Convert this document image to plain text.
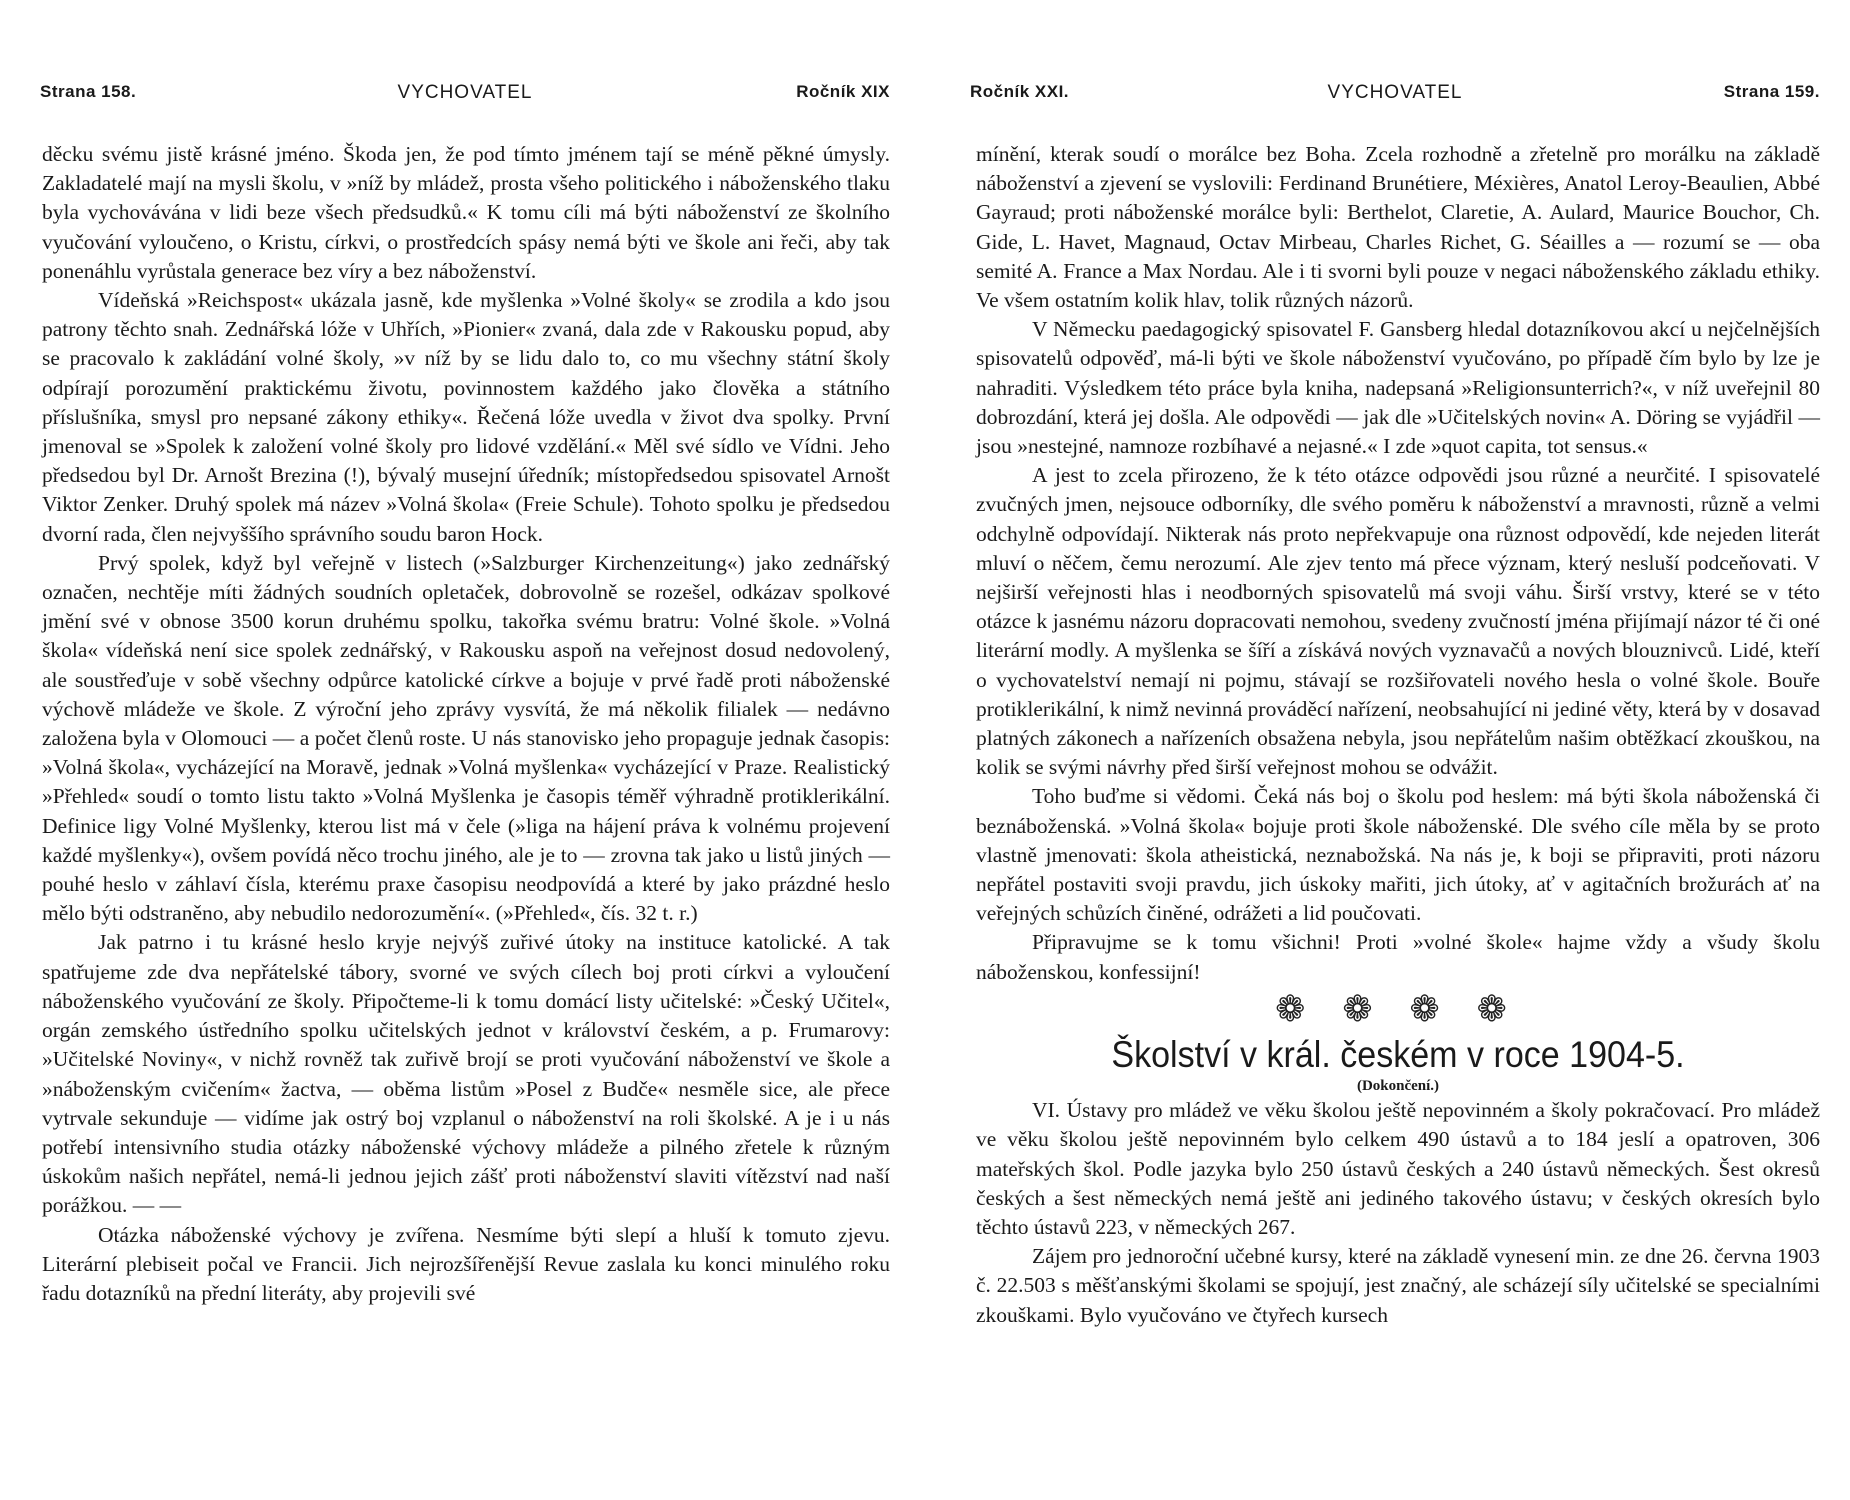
Strana 158.	VYCHOVATEL	Ročník XIX

děcku svému jistě krásné jméno. Škoda jen, že pod tímto jménem tají se méně pěkné úmysly. Zakladatelé mají na mysli školu, v »níž by mládež, prosta všeho politického i náboženského tlaku byla vychovávána v lidi beze všech předsudků.« K tomu cíli má býti náboženství ze školního vyučování vyloučeno, o Kristu, církvi, o prostředcích spásy nemá býti ve škole ani řeči, aby tak ponenáhlu vyrůstala generace bez víry a bez náboženství.

Vídeňská »Reichspost« ukázala jasně, kde myšlenka »Volné školy« se zrodila a kdo jsou patrony těchto snah. Zednářská lóže v Uhřích, »Pionier« zvaná, dala zde v Rakousku popud, aby se pracovalo k zakládání volné školy, »v níž by se lidu dalo to, co mu všechny státní školy odpírají porozumění praktickému životu, povinnostem každého jako člověka a státního příslušníka, smysl pro nepsané zákony ethiky«. Řečená lóže uvedla v život dva spolky. První jmenoval se »Spolek k založení volné školy pro lidové vzdělání.« Měl své sídlo ve Vídni. Jeho předsedou byl Dr. Arnošt Brezina (!), bývalý musejní úředník; místopředsedou spisovatel Arnošt Viktor Zenker. Druhý spolek má název »Volná škola« (Freie Schule). Tohoto spolku je předsedou dvorní rada, člen nejvyššího správního soudu baron Hock.

Prvý spolek, když byl veřejně v listech (»Salzburger Kirchenzeitung«) jako zednářský označen, nechtěje míti žádných soudních opletaček, dobrovolně se rozešel, odkázav spolkové jmění své v obnose 3500 korun druhému spolku, takořka svému bratru: Volné škole. »Volná škola« vídeňská není sice spolek zednářský, v Rakousku aspoň na veřejnost dosud nedovolený, ale soustřeďuje v sobě všechny odpůrce katolické církve a bojuje v prvé řadě proti náboženské výchově mládeže ve škole. Z výroční jeho zprávy vysvítá, že má několik filialek — nedávno založena byla v Olomouci — a počet členů roste. U nás stanovisko jeho propaguje jednak časopis: »Volná škola«, vycházející na Moravě, jednak »Volná myšlenka« vycházející v Praze. Realistický »Přehled« soudí o tomto listu takto »Volná Myšlenka je časopis téměř výhradně protiklerikální. Definice ligy Volné Myšlenky, kterou list má v čele (»liga na hájení práva k volnému projevení každé myšlenky«), ovšem povídá něco trochu jiného, ale je to — zrovna tak jako u listů jiných — pouhé heslo v záhlaví čísla, kterému praxe časopisu neodpovídá a které by jako prázdné heslo mělo býti odstraněno, aby nebudilo nedorozumění«. (»Přehled«, čís. 32 t. r.)

Jak patrno i tu krásné heslo kryje nejvýš zuřivé útoky na instituce katolické. A tak spatřujeme zde dva nepřátelské tábory, svorné ve svých cílech boj proti církvi a vyloučení náboženského vyučování ze školy. Připočteme-li k tomu domácí listy učitelské: »Český Učitel«, orgán zemského ústředního spolku učitelských jednot v království českém, a p. Frumarovy: »Učitelské Noviny«, v nichž rovněž tak zuřivě brojí se proti vyučování náboženství ve škole a »náboženským cvičením« žactva, — oběma listům »Posel z Budče« nesměle sice, ale přece vytrvale sekunduje — vidíme jak ostrý boj vzplanul o náboženství na roli školské. A je i u nás potřebí intensivního studia otázky náboženské výchovy mládeže a pilného zřetele k různým úskokům našich nepřátel, nemá-li jednou jejich zášť proti náboženství slaviti vítězství nad naší porážkou. — —

Otázka náboženské výchovy je zvířena. Nesmíme býti slepí a hluší k tomuto zjevu. Literární plebiseit počal ve Francii. Jich nejrozšířenější Revue zaslala ku konci minulého roku řadu dotazníků na přední literáty, aby projevili své

Ročník XXI.	VYCHOVATEL	Strana 159.

mínění, kterak soudí o morálce bez Boha. Zcela rozhodně a zřetelně pro morálku na základě náboženství a zjevení se vyslovili: Ferdinand Brunétiere, Méxières, Anatol Leroy-Beaulien, Abbé Gayraud; proti náboženské morálce byli: Berthelot, Claretie, A. Aulard, Maurice Bouchor, Ch. Gide, L. Havet, Magnaud, Octav Mirbeau, Charles Richet, G. Séailles a — rozumí se — oba semité A. France a Max Nordau. Ale i ti svorni byli pouze v negaci náboženského základu ethiky. Ve všem ostatním kolik hlav, tolik různých názorů.

V Německu paedagogický spisovatel F. Gansberg hledal dotazníkovou akcí u nejčelnějších spisovatelů odpověď, má-li býti ve škole náboženství vyučováno, po případě čím bylo by lze je nahraditi. Výsledkem této práce byla kniha, nadepsaná »Religionsunterrich?«, v níž uveřejnil 80 dobrozdání, která jej došla. Ale odpovědi — jak dle »Učitelských novin« A. Döring se vyjádřil — jsou »nestejné, namnoze rozbíhavé a nejasné.« I zde »quot capita, tot sensus.«

A jest to zcela přirozeno, že k této otázce odpovědi jsou různé a neurčité. I spisovatelé zvučných jmen, nejsouce odborníky, dle svého poměru k náboženství a mravnosti, různě a velmi odchylně odpovídají. Nikterak nás proto nepřekvapuje ona různost odpovědí, kde nejeden literát mluví o něčem, čemu nerozumí. Ale zjev tento má přece význam, který nesluší podceňovati. V nejširší veřejnosti hlas i neodborných spisovatelů má svoji váhu. Širší vrstvy, které se v této otázce k jasnému názoru dopracovati nemohou, svedeny zvučností jména přijímají názor té či oné literární modly. A myšlenka se šíří a získává nových vyznavačů a nových blouznivců. Lidé, kteří o vychovatelství nemají ni pojmu, stávají se rozšiřovateli nového hesla o volné škole. Bouře protiklerikální, k nimž nevinná prováděcí nařízení, neobsahující ni jediné věty, která by v dosavad platných zákonech a nařízeních obsažena nebyla, jsou nepřátelům našim obtěžkací zkouškou, na kolik se svými návrhy před širší veřejnost mohou se odvážit.

Toho buďme si vědomi. Čeká nás boj o školu pod heslem: má býti škola náboženská či beznáboženská. »Volná škola« bojuje proti škole náboženské. Dle svého cíle měla by se proto vlastně jmenovati: škola atheistická, neznabožská. Na nás je, k boji se připraviti, proti názoru nepřátel postaviti svoji pravdu, jich úskoky mařiti, jich útoky, ať v agitačních brožurách ať na veřejných schůzích činěné, odrážeti a lid poučovati.

Připravujme se k tomu všichni! Proti »volné škole« hajme vždy a všudy školu náboženskou, konfessijní!

❁ ❁ ❁ ❁
Školství v král. českém v roce 1904-5.
(Dokončení.)

VI. Ústavy pro mládež ve věku školou ještě nepovinném a školy pokračovací. Pro mládež ve věku školou ještě nepovinném bylo celkem 490 ústavů a to 184 jeslí a opatroven, 306 mateřských škol. Podle jazyka bylo 250 ústavů českých a 240 ústavů německých. Šest okresů českých a šest německých nemá ještě ani jediného takového ústavu; v českých okresích bylo těchto ústavů 223, v německých 267.

Zájem pro jednoroční učebné kursy, které na základě vynesení min. ze dne 26. června 1903 č. 22.503 s měšťanskými školami se spojují, jest značný, ale scházejí síly učitelské se specialními zkouškami. Bylo vyučováno ve čtyřech kursech
